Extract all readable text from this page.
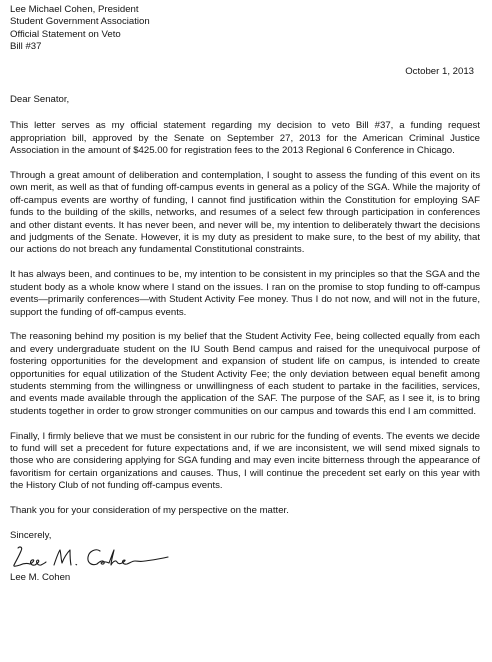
Lee Michael Cohen, President
Student Government Association
Official Statement on Veto
Bill #37
October 1, 2013
Dear Senator,
This letter serves as my official statement regarding my decision to veto Bill #37, a funding request appropriation bill, approved by the Senate on September 27, 2013 for the American Criminal Justice Association in the amount of $425.00 for registration fees to the 2013 Regional 6 Conference in Chicago.
Through a great amount of deliberation and contemplation, I sought to assess the funding of this event on its own merit, as well as that of funding off-campus events in general as a policy of the SGA. While the majority of off-campus events are worthy of funding, I cannot find justification within the Constitution for employing SAF funds to the building of the skills, networks, and resumes of a select few through participation in conferences and other distant events. It has never been, and never will be, my intention to deliberately thwart the decisions and judgments of the Senate. However, it is my duty as president to make sure, to the best of my ability, that our actions do not breach any fundamental Constitutional constraints.
It has always been, and continues to be, my intention to be consistent in my principles so that the SGA and the student body as a whole know where I stand on the issues. I ran on the promise to stop funding to off-campus events—primarily conferences—with Student Activity Fee money. Thus I do not now, and will not in the future, support the funding of off-campus events.
The reasoning behind my position is my belief that the Student Activity Fee, being collected equally from each and every undergraduate student on the IU South Bend campus and raised for the unequivocal purpose of fostering opportunities for the development and expansion of student life on campus, is intended to create opportunities for equal utilization of the Student Activity Fee; the only deviation between equal benefit among students stemming from the willingness or unwillingness of each student to partake in the facilities, services, and events made available through the application of the SAF. The purpose of the SAF, as I see it, is to bring students together in order to grow stronger communities on our campus and towards this end I am committed.
Finally, I firmly believe that we must be consistent in our rubric for the funding of events. The events we decide to fund will set a precedent for future expectations and, if we are inconsistent, we will send mixed signals to those who are considering applying for SGA funding and may even incite bitterness through the appearance of favoritism for certain organizations and causes. Thus, I will continue the precedent set early on this year with the History Club of not funding off-campus events.
Thank you for your consideration of my perspective on the matter.
Sincerely,
Lee M. Cohen
